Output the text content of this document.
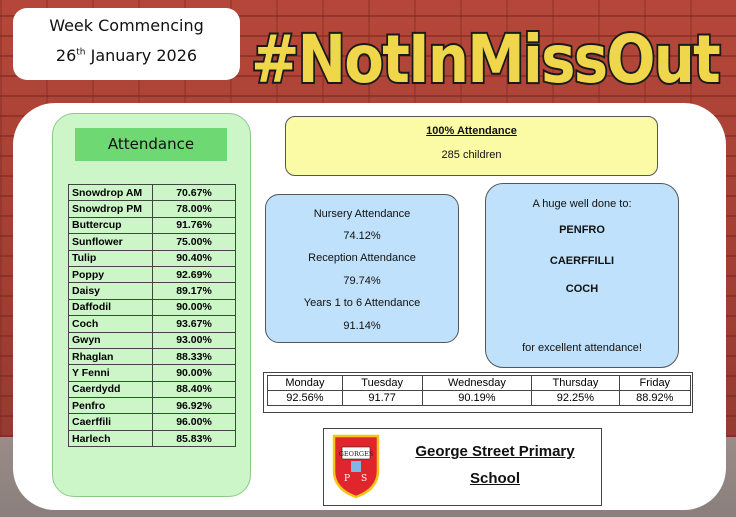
Week Commencing
26th January 2026 #NotInMissOut
Attendance
Snowdrop AM	70.67%
Snowdrop PM	78.00%
Buttercup	91.76%
Sunflower	75.00%
Tulip	90.40%
Poppy	92.69%
Daisy	89.17%
Daffodil	90.00%
Coch	93.67%
Gwyn	93.00%
Rhaglan	88.33%
Y Fenni	90.00%
Caerdydd	88.40%
Penfro	96.92%
Caerffili	96.00%
Harlech	85.83%
100% Attendance
285 children
Nursery Attendance
74.12%
Reception Attendance
79.74%
Years 1 to 6 Attendance
91.14%
A huge well done to:
PENFRO
CAERFFILLI
COCH
for excellent attendance!
Monday	Tuesday	Wednesday	Thursday	Friday
92.56%	91.77	90.19%	92.25%	88.92%
GEORGES
P S
George Street Primary
School
